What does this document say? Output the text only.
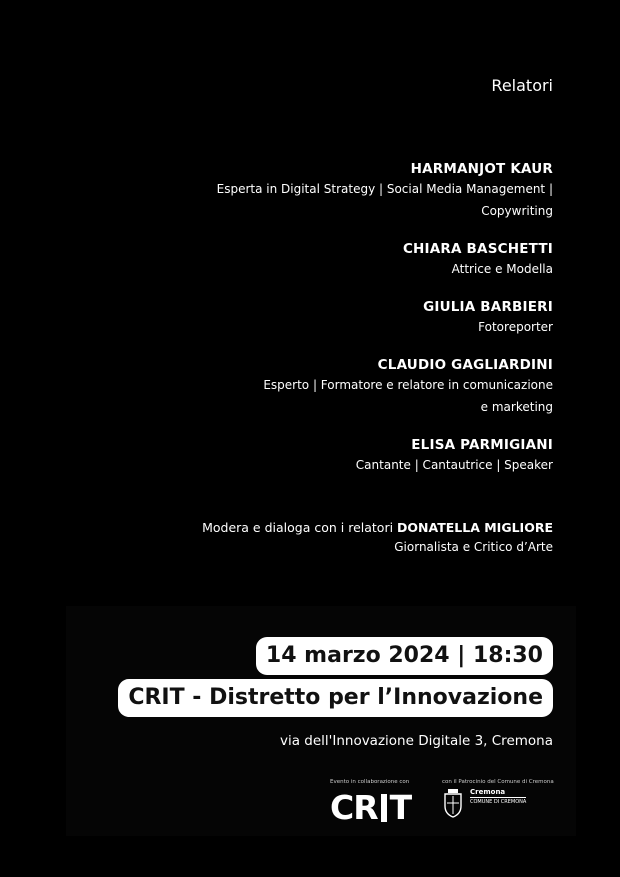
Relatori
HARMANJOT KAUR
Esperta in Digital Strategy | Social Media Management |
Copywriting
CHIARA BASCHETTI
Attrice e Modella
GIULIA BARBIERI
Fotoreporter
CLAUDIO GAGLIARDINI
Esperto | Formatore e relatore in comunicazione
e marketing
ELISA PARMIGIANI
Cantante | Cantautrice | Speaker
Modera e dialoga con i relatori DONATELLA MIGLIORE
Giornalista e Critico d’Arte
14 marzo 2024 | 18:30
CRIT - Distretto per l’Innovazione
via dell'Innovazione Digitale 3, Cremona
Evento in collaborazione con
CR T
con il Patrocinio del Comune di Cremona
Cremona
COMUNE DI CREMONA
